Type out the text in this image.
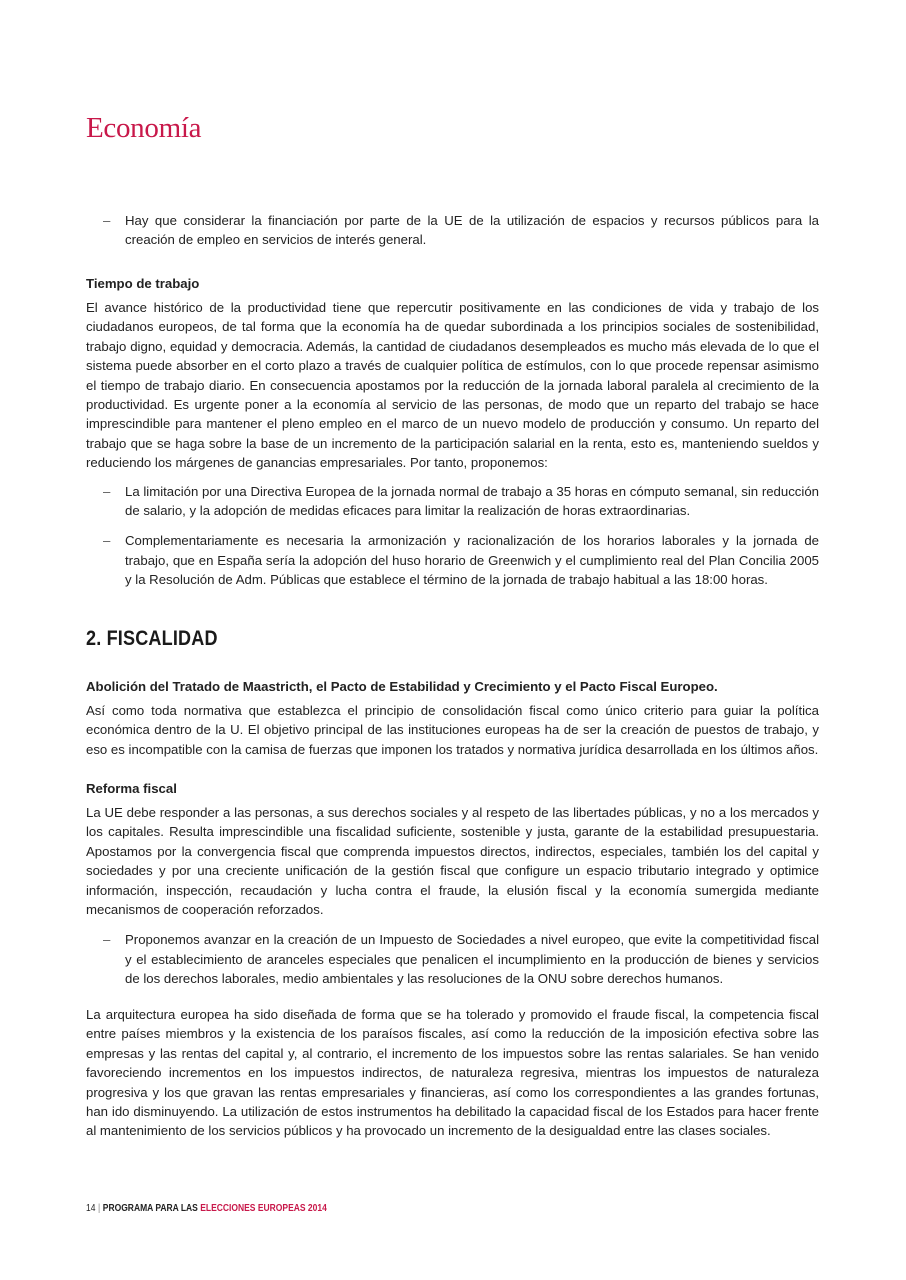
Economía

– Hay que considerar la financiación por parte de la UE de la utilización de espacios y recursos públicos para la creación de empleo en servicios de interés general.

Tiempo de trabajo

El avance histórico de la productividad tiene que repercutir positivamente en las condiciones de vida y trabajo de los ciudadanos europeos, de tal forma que la economía ha de quedar subordinada a los principios sociales de sostenibilidad, trabajo digno, equidad y democracia. Además, la cantidad de ciudadanos desempleados es mucho más elevada de lo que el sistema puede absorber en el corto plazo a través de cualquier política de estímulos, con lo que procede repensar asimismo el tiempo de trabajo diario. En consecuencia apostamos por la reducción de la jornada laboral paralela al crecimiento de la productividad. Es urgente poner a la economía al servicio de las personas, de modo que un reparto del trabajo se hace imprescindible para mantener el pleno empleo en el marco de un nuevo modelo de producción y consumo. Un reparto del trabajo que se haga sobre la base de un incremento de la participación salarial en la renta, esto es, manteniendo sueldos y reduciendo los márgenes de ganancias empresariales. Por tanto, proponemos:

– La limitación por una Directiva Europea de la jornada normal de trabajo a 35 horas en cómputo semanal, sin reducción de salario, y la adopción de medidas eficaces para limitar la realización de horas extraordinarias.

– Complementariamente es necesaria la armonización y racionalización de los horarios laborales y la jornada de trabajo, que en España sería la adopción del huso horario de Greenwich y el cumplimiento real del Plan Concilia 2005 y la Resolución de Adm. Públicas que establece el término de la jornada de trabajo habitual a las 18:00 horas.

2. FISCALIDAD

Abolición del Tratado de Maastricth, el Pacto de Estabilidad y Crecimiento y el Pacto Fiscal Europeo.

Así como toda normativa que establezca el principio de consolidación fiscal como único criterio para guiar la política económica dentro de la U. El objetivo principal de las instituciones europeas ha de ser la creación de puestos de trabajo, y eso es incompatible con la camisa de fuerzas que imponen los tratados y normativa jurídica desarrollada en los últimos años.

Reforma fiscal

La UE debe responder a las personas, a sus derechos sociales y al respeto de las libertades públicas, y no a los mercados y los capitales. Resulta imprescindible una fiscalidad suficiente, sostenible y justa, garante de la estabilidad presupuestaria. Apostamos por la convergencia fiscal que comprenda impuestos directos, indirectos, especiales, también los del capital y sociedades y por una creciente unificación de la gestión fiscal que configure un espacio tributario integrado y optimice información, inspección, recaudación y lucha contra el fraude, la elusión fiscal y la economía sumergida mediante mecanismos de cooperación reforzados.

– Proponemos avanzar en la creación de un Impuesto de Sociedades a nivel europeo, que evite la competitividad fiscal y el establecimiento de aranceles especiales que penalicen el incumplimiento en la producción de bienes y servicios de los derechos laborales, medio ambientales y las resoluciones de la ONU sobre derechos humanos.

La arquitectura europea ha sido diseñada de forma que se ha tolerado y promovido el fraude fiscal, la competencia fiscal entre países miembros y la existencia de los paraísos fiscales, así como la reducción de la imposición efectiva sobre las empresas y las rentas del capital y, al contrario, el incremento de los impuestos sobre las rentas salariales. Se han venido favoreciendo incrementos en los impuestos indirectos, de naturaleza regresiva, mientras los impuestos de naturaleza progresiva y los que gravan las rentas empresariales y financieras, así como los correspondientes a las grandes fortunas, han ido disminuyendo. La utilización de estos instrumentos ha debilitado la capacidad fiscal de los Estados para hacer frente al mantenimiento de los servicios públicos y ha provocado un incremento de la desigualdad entre las clases sociales.

14 | PROGRAMA PARA LAS ELECCIONES EUROPEAS 2014
